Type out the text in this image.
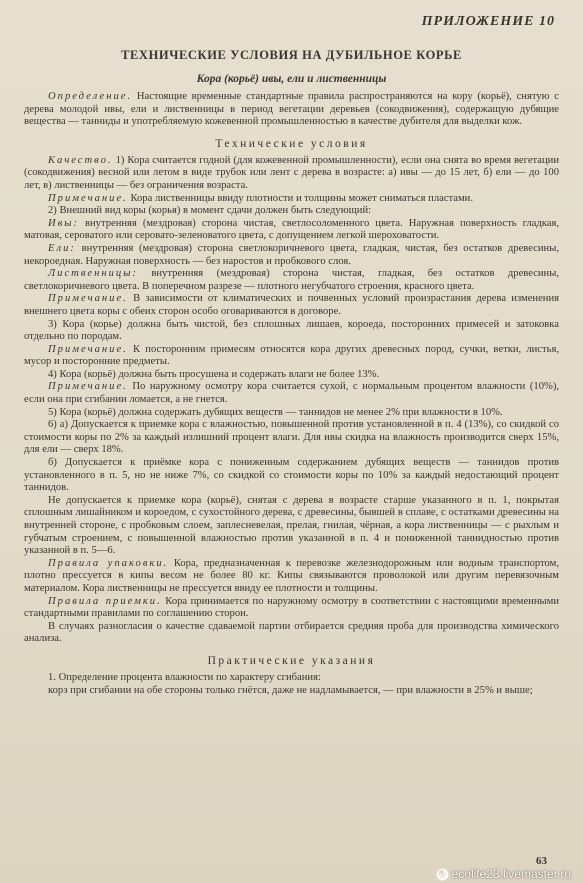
ПРИЛОЖЕНИЕ 10
ТЕХНИЧЕСКИЕ УСЛОВИЯ НА ДУБИЛЬНОЕ КОРЬЕ
Кора (корьё) ивы, ели и лиственницы

Определение. Настоящие временные стандартные правила распространяются на кору (корьё), снятую с дерева молодой ивы, ели и лиственницы в период вегетации деревьев (сокодвижения), содержащую дубящие вещества — танниды и употребляемую кожевенной промышленностью в качестве дубителя для выделки кож.

Технические условия

Качество. 1) Кора считается годной (для кожевенной промышленности), если она снята во время вегетации (сокодвижения) весной или летом в виде трубок или лент с дерева в возрасте: а) ивы — до 15 лет, б) ели — до 100 лет, в) лиственницы — без ограничения возраста.

Примечание. Кора лиственницы ввиду плотности и толщины может сниматься пластами.

2) Внешний вид коры (корья) в момент сдачи должен быть следующий:

Ивы: внутренняя (мездровая) сторона чистая, светлосоломенного цвета. Наружная поверхность гладкая, матовая, сероватого или серовато-зеленоватого цвета, с допущением легкой шероховатости.

Ели: внутренняя (мездровая) сторона светлокоричневого цвета, гладкая, чистая, без остатков древесины, некороедная. Наружная поверхность — без наростов и пробкового слоя.

Лиственницы: внутренняя (мездровая) сторона чистая, гладкая, без остатков древесины, светлокоричневого цвета. В поперечном разрезе — плотного негубчатого строения, красного цвета.

Примечание. В зависимости от климатических и почвенных условий произрастания дерева изменения внешнего цвета коры с обеих сторон особо оговариваются в договоре.

3) Кора (корье) должна быть чистой, без сплошных лишаев, короеда, посторонних примесей и затоковка отдельно по породам.

Примечание. К посторонним примесям относятся кора других древесных пород, сучки, ветки, листья, мусор и посторонние предметы.

4) Кора (корьё) должна быть просушена и содержать влаги не более 13%.

Примечание. По наружному осмотру кора считается сухой, с нормальным процентом влажности (10%), если она при сгибании ломается, а не гнется.

5) Кора (корьё) должна содержать дубящих веществ — таннидов не менее 2% при влажности в 10%.

6) а) Допускается к приемке кора с влажностью, повышенной против установленной в п. 4 (13%), со скидкой со стоимости коры по 2% за каждый излишний процент влаги. Для ивы скидка на влажность производится сверх 15%, для ели — сверх 18%.

б) Допускается к приёмке кора с пониженным содержанием дубящих веществ — таннидов против установленного в п. 5, но не ниже 7%, со скидкой со стоимости коры по 10% за каждый недостающий процент таннидов.

Не допускается к приемке кора (корьё), снятая с дерева в возрасте старше указанного в п. 1, покрытая сплошным лишайником и короедом, с сухостойного дерева, с древесины, бывшей в сплаве, с остатками древесины на внутренней стороне, с пробковым слоем, заплесневелая, прелая, гнилая, чёрная, а кора лиственницы — с рыхлым и губчатым строением, с повышенной влажностью против указанной в п. 4 и пониженной таннидностью против указанной в п. 5—6.

Правила упаковки. Кора, предназначенная к перевозке железнодорожным или водным транспортом, плотно прессуется в кипы весом не более 80 кг. Кипы связываются проволокой или другим перевязочным материалом. Кора лиственницы не прессуется ввиду ее плотности и толщины.

Правила приемки. Кора принимается по наружному осмотру в соответствии с настоящими временными стандартными правилами по соглашению сторон.

В случаях разногласия о качестве сдаваемой партии отбирается средняя проба для производства химического анализа.

Практические указания

1. Определение процента влажности по характеру сгибания:

корз при сгибании на обе стороны только гнётся, даже не надламывается, — при влажности в 25% и выше;

63
ecolife23.livemaster.ru
